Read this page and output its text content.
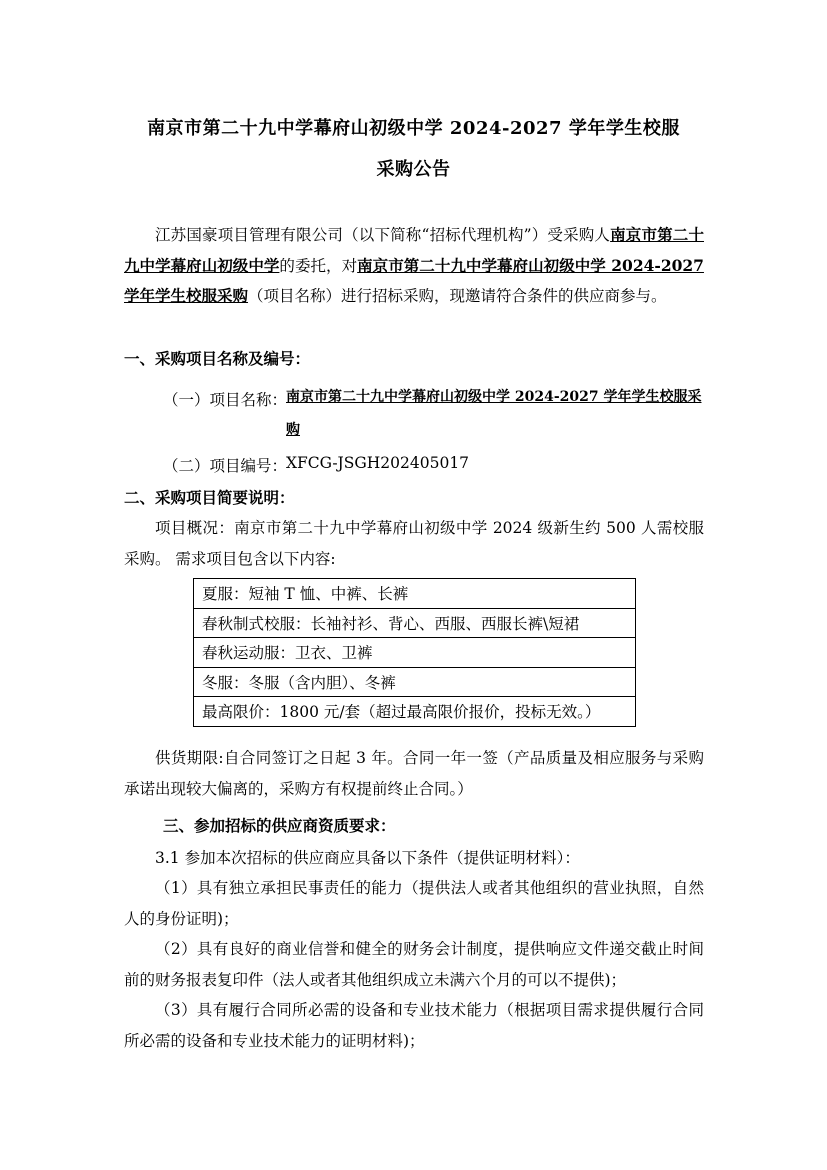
南京市第二十九中学幕府山初级中学 2024-2027 学年学生校服
采购公告
江苏国豪项目管理有限公司（以下简称“招标代理机构”）受采购人南京市第二十九中学幕府山初级中学的委托，对南京市第二十九中学幕府山初级中学 2024-2027 学年学生校服采购（项目名称）进行招标采购，现邀请符合条件的供应商参与。
一、采购项目名称及编号：
（一）项目名称：
南京市第二十九中学幕府山初级中学 2024-2027 学年学生校服采购
（二）项目编号：
XFCG-JSGH202405017
二、采购项目简要说明：
项目概况：南京市第二十九中学幕府山初级中学 2024 级新生约 500 人需校服采购。 需求项目包含以下内容:
夏服：短袖 T 恤、中裤、长裤
春秋制式校服：长袖衬衫、背心、西服、西服长裤\短裙
春秋运动服：卫衣、卫裤
冬服：冬服（含内胆）、冬裤
最高限价：1800 元/套（超过最高限价报价，投标无效。）
供货期限:自合同签订之日起 3 年。合同一年一签（产品质量及相应服务与采购承诺出现较大偏离的，采购方有权提前终止合同。）
三、参加招标的供应商资质要求：
3.1 参加本次招标的供应商应具备以下条件（提供证明材料）：
（1）具有独立承担民事责任的能力（提供法人或者其他组织的营业执照，自然人的身份证明)；
（2）具有良好的商业信誉和健全的财务会计制度，提供响应文件递交截止时间前的财务报表复印件（法人或者其他组织成立未满六个月的可以不提供)；
（3）具有履行合同所必需的设备和专业技术能力（根据项目需求提供履行合同所必需的设备和专业技术能力的证明材料)；
